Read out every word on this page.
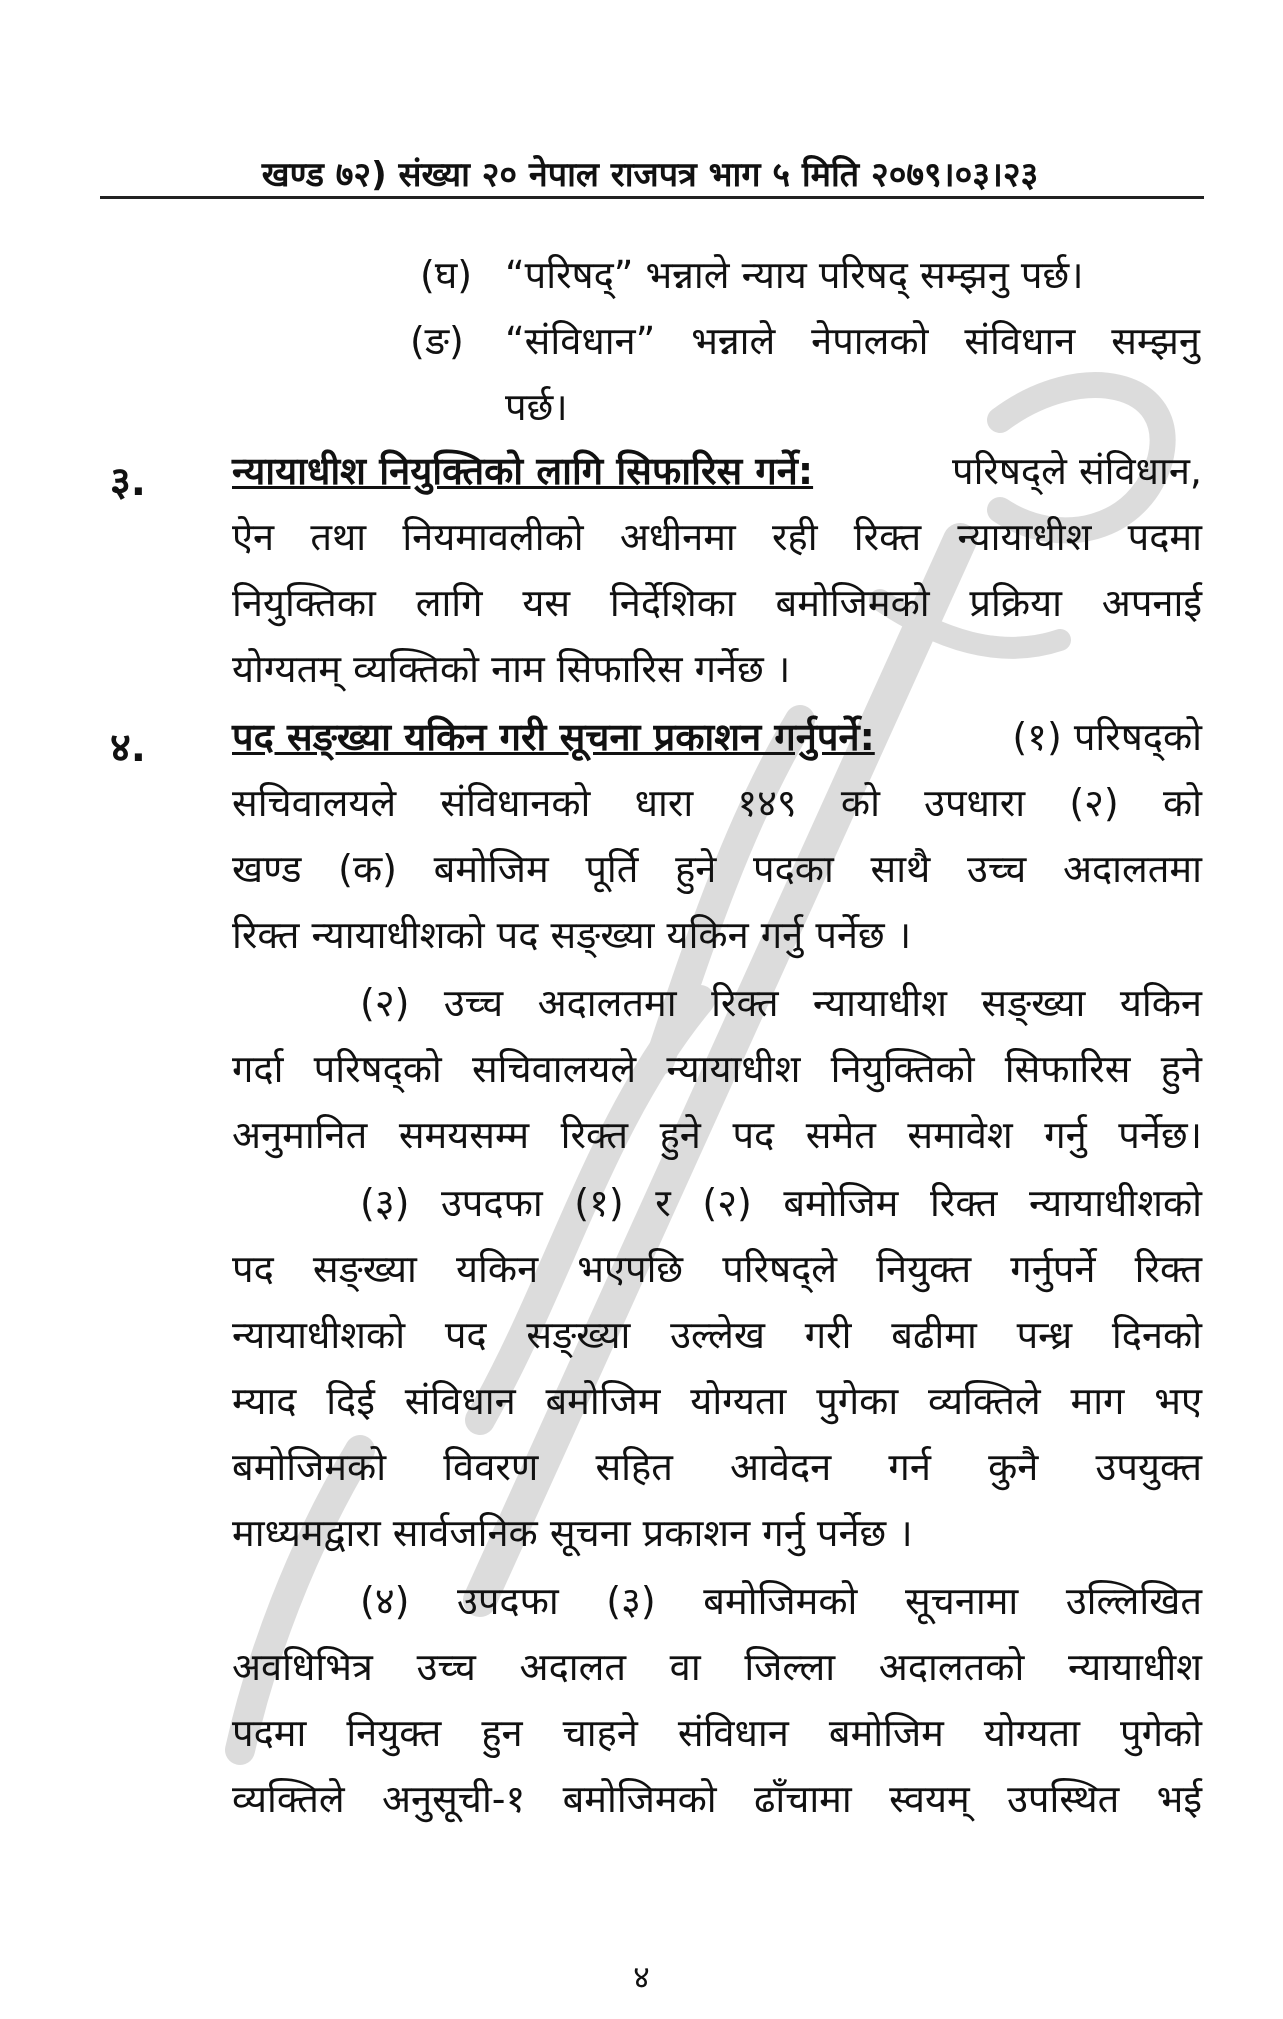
खण्ड ७२) संख्या २० नेपाल राजपत्र भाग ५ मिति २०७९।०३।२३
(घ) “परिषद्” भन्नाले न्याय परिषद् सम्झनु पर्छ।
(ङ) “संविधान” भन्नाले नेपालको संविधान सम्झनु
पर्छ।
३. न्यायाधीश नियुक्तिको लागि सिफारिस गर्ने:	परिषद्ले संविधान,
ऐन तथा नियमावलीको अधीनमा रही रिक्त न्यायाधीश पदमा
नियुक्तिका लागि यस निर्देशिका बमोजिमको प्रक्रिया अपनाई
योग्यतम् व्यक्तिको नाम सिफारिस गर्नेछ ।
४. पद सङ्ख्या यकिन गरी सूचना प्रकाशन गर्नुपर्ने:	(१) परिषद्को
सचिवालयले संविधानको धारा १४९ को उपधारा (२) को
खण्ड (क) बमोजिम पूर्ति हुने पदका साथै उच्च अदालतमा
रिक्त न्यायाधीशको पद सङ्ख्या यकिन गर्नु पर्नेछ ।
(२) उच्च अदालतमा रिक्त न्यायाधीश सङ्ख्या यकिन
गर्दा परिषद्को सचिवालयले न्यायाधीश नियुक्तिको सिफारिस हुने
अनुमानित समयसम्म रिक्त हुने पद समेत समावेश गर्नु पर्नेछ।
(३) उपदफा (१) र (२) बमोजिम रिक्त न्यायाधीशको
पद सङ्ख्या यकिन भएपछि परिषद्ले नियुक्त गर्नुपर्ने रिक्त
न्यायाधीशको पद सङ्ख्या उल्लेख गरी बढीमा पन्ध्र दिनको
म्याद दिई संविधान बमोजिम योग्यता पुगेका व्यक्तिले माग भए
बमोजिमको विवरण सहित आवेदन गर्न कुनै उपयुक्त
माध्यमद्वारा सार्वजनिक सूचना प्रकाशन गर्नु पर्नेछ ।
(४) उपदफा (३) बमोजिमको सूचनामा उल्लिखित
अवधिभित्र उच्च अदालत वा जिल्ला अदालतको न्यायाधीश
पदमा नियुक्त हुन चाहने संविधान बमोजिम योग्यता पुगेको
व्यक्तिले अनुसूची-१ बमोजिमको ढाँचामा स्वयम् उपस्थित भई
४
